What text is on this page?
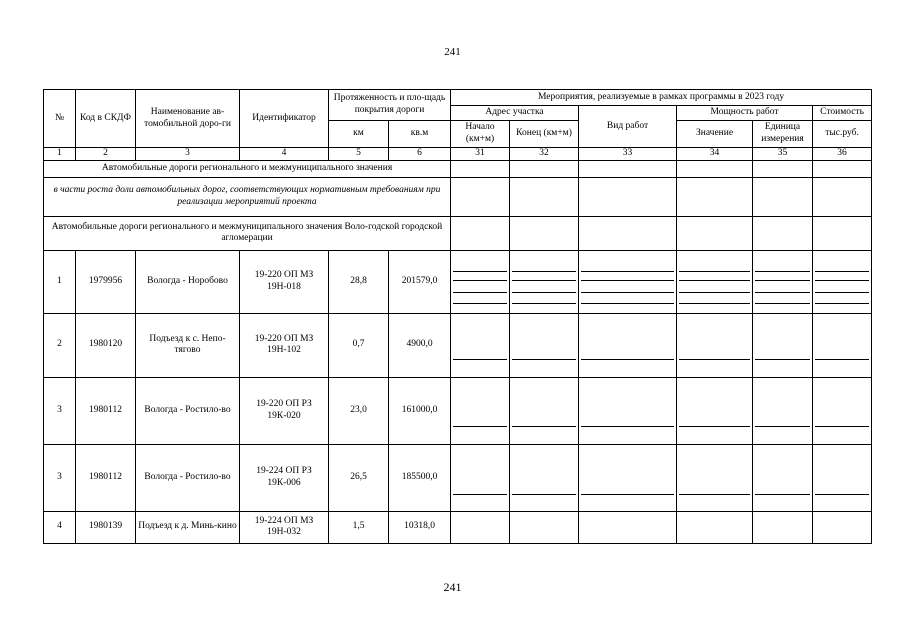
241
№	Код в СКДФ	Наименование ав-томобильной доро-ги	Идентификатор	Протяженность и пло-щадь покрытия дороги		Мероприятия, реализуемые в рамках программы в 2023 году					
						Адрес участка		Вид работ	Мощность работ		Стоимость
				км	кв.м	Начало (км+м)	Конец (км+м)		Значение	Единица измерения	тыс.руб.
1	2	3	4	5	6	31	32	33	34	35	36
Автомобильные дороги регионального и межмуниципального значения											
в части роста доли автомобильных дорог, соответствующих нормативным требованиям при реализации мероприятий проекта											
Автомобильные дороги регионального и межмуниципального значения Воло-годской городской агломерации											
1	1979956	Вологда - Норобово	19-220 ОП МЗ 19Н-018	28,8	201579,0	

2	1980120	Подъезд к с. Непо-тягово	19-220 ОП МЗ 19Н-102	0,7	4900,0	

3	1980112	Вологда - Ростило-во	19-220 ОП РЗ 19К-020	23,0	161000,0	

3	1980112	Вологда - Ростило-во	19-224 ОП РЗ 19К-006	26,5	185500,0	

4	1980139	Подъезд к д. Минь-кино	19-224 ОП МЗ 19Н-032	1,5	10318,0						
241
